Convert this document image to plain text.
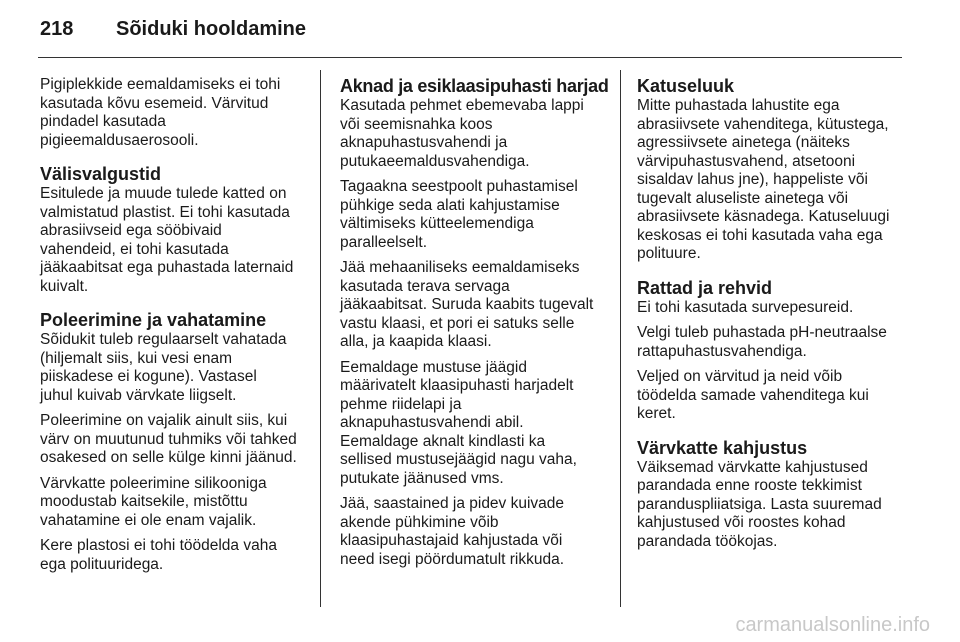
218	Sõiduki hooldamine

Pigiplekkide eemaldamiseks ei tohi
kasutada kõvu esemeid. Värvitud
pindadel kasutada
pigieemaldusaerosooli.

Välisvalgustid

Esitulede ja muude tulede katted on
valmistatud plastist. Ei tohi kasutada
abrasiivseid ega sööbivaid
vahendeid, ei tohi kasutada
jääkaabitsat ega puhastada laternaid
kuivalt.

Poleerimine ja vahatamine

Sõidukit tuleb regulaarselt vahatada
(hiljemalt siis, kui vesi enam
piiskadese ei kogune). Vastasel
juhul kuivab värvkate liigselt.

Poleerimine on vajalik ainult siis, kui
värv on muutunud tuhmiks või tahked
osakesed on selle külge kinni jäänud.

Värvkatte poleerimine silikooniga
moodustab kaitsekile, mistõttu
vahatamine ei ole enam vajalik.

Kere plastosi ei tohi töödelda vaha
ega polituuridega.

Aknad ja esiklaasipuhasti harjad

Kasutada pehmet ebemevaba lappi
või seemisnahka koos
aknapuhastusvahendi ja
putukaeemaldusvahendiga.

Tagaakna seestpoolt puhastamisel
pühkige seda alati kahjustamise
vältimiseks kütteelemendiga
paralleelselt.

Jää mehaaniliseks eemaldamiseks
kasutada terava servaga
jääkaabitsat. Suruda kaabits tugevalt
vastu klaasi, et pori ei satuks selle
alla, ja kaapida klaasi.

Eemaldage mustuse jäägid
määrivatelt klaasipuhasti harjadelt
pehme riidelapi ja
aknapuhastusvahendi abil.
Eemaldage aknalt kindlasti ka
sellised mustusejäägid nagu vaha,
putukate jäänused vms.

Jää, saastained ja pidev kuivade
akende pühkimine võib
klaasipuhastajaid kahjustada või
need isegi pöördumatult rikkuda.

Katuseluuk

Mitte puhastada lahustite ega
abrasiivsete vahenditega, kütustega,
agressiivsete ainetega (näiteks
värvipuhastusvahend, atsetooni
sisaldav lahus jne), happeliste või
tugevalt aluseliste ainetega või
abrasiivsete käsnadega. Katuseluugi
keskosas ei tohi kasutada vaha ega
polituure.

Rattad ja rehvid

Ei tohi kasutada survepesureid.

Velgi tuleb puhastada pH-neutraalse
rattapuhastusvahendiga.

Veljed on värvitud ja neid võib
töödelda samade vahenditega kui
keret.

Värvkatte kahjustus

Väiksemad värvkatte kahjustused
parandada enne rooste tekkimist
paranduspliiatsiga. Lasta suuremad
kahjustused või roostes kohad
parandada töökojas.

carmanualsonline.info
